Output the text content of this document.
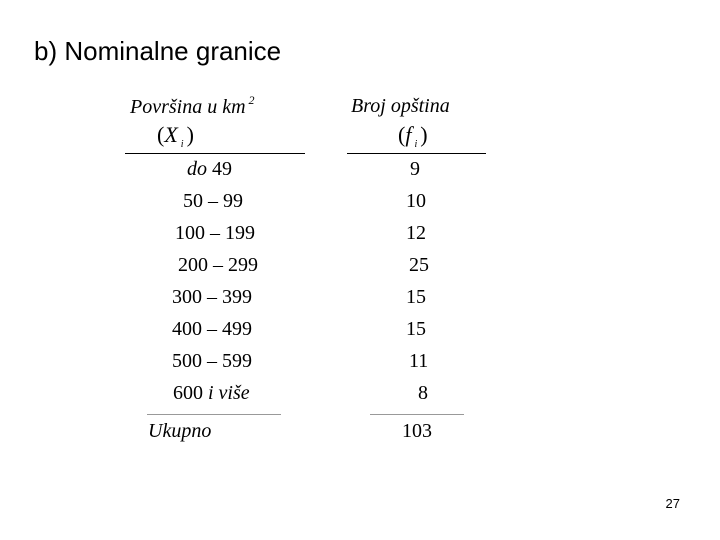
b) Nominalne granice
Površina u km $^2$
(X $_i$ )
Broj opština
(f $_i$ )
do 49	9
50 – 99	10
100 – 199	12
200 – 299	25
300 – 399	15
400 – 499	15
500 – 599	11
600 i više	8
Ukupno	103
27
